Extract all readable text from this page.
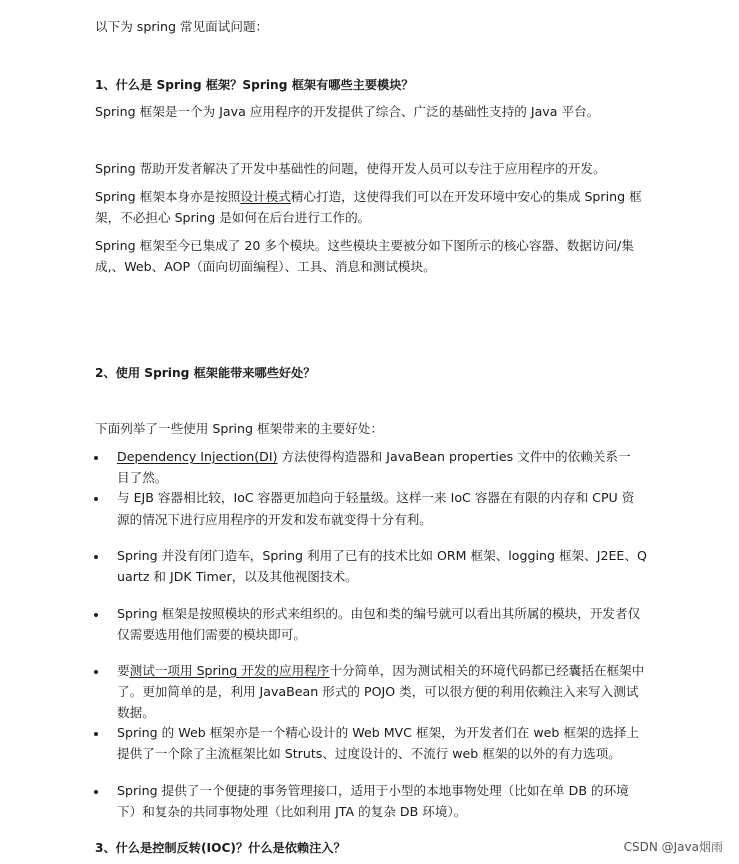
以下为 spring 常见面试问题：
1、什么是 Spring 框架？Spring 框架有哪些主要模块？
Spring 框架是一个为 Java 应用程序的开发提供了综合、广泛的基础性支持的 Java 平台。
Spring 帮助开发者解决了开发中基础性的问题，使得开发人员可以专注于应用程序的开发。
Spring 框架本身亦是按照设计模式精心打造，这使得我们可以在开发环境中安心的集成 Spring 框
架，不必担心 Spring 是如何在后台进行工作的。
Spring 框架至今已集成了 20 多个模块。这些模块主要被分如下图所示的核心容器、数据访问/集
成,、Web、AOP（面向切面编程）、工具、消息和测试模块。
2、使用 Spring 框架能带来哪些好处？
下面列举了一些使用 Spring 框架带来的主要好处：
Dependency Injection(DI) 方法使得构造器和 JavaBean properties 文件中的依赖关系一
目了然。
与 EJB 容器相比较，IoC 容器更加趋向于轻量级。这样一来 IoC 容器在有限的内存和 CPU 资
源的情况下进行应用程序的开发和发布就变得十分有利。
Spring 并没有闭门造车，Spring 利用了已有的技术比如 ORM 框架、logging 框架、J2EE、Q
uartz 和 JDK Timer，以及其他视图技术。
Spring 框架是按照模块的形式来组织的。由包和类的编号就可以看出其所属的模块，开发者仅
仅需要选用他们需要的模块即可。
要测试一项用 Spring 开发的应用程序十分简单，因为测试相关的环境代码都已经囊括在框架中
了。更加简单的是，利用 JavaBean 形式的 POJO 类，可以很方便的利用依赖注入来写入测试
数据。
Spring 的 Web 框架亦是一个精心设计的 Web MVC 框架，为开发者们在 web 框架的选择上
提供了一个除了主流框架比如 Struts、过度设计的、不流行 web 框架的以外的有力选项。
Spring 提供了一个便捷的事务管理接口，适用于小型的本地事物处理（比如在单 DB 的环境
下）和复杂的共同事物处理（比如利用 JTA 的复杂 DB 环境）。
3、什么是控制反转(IOC)？什么是依赖注入？	CSDN @Java烟雨
